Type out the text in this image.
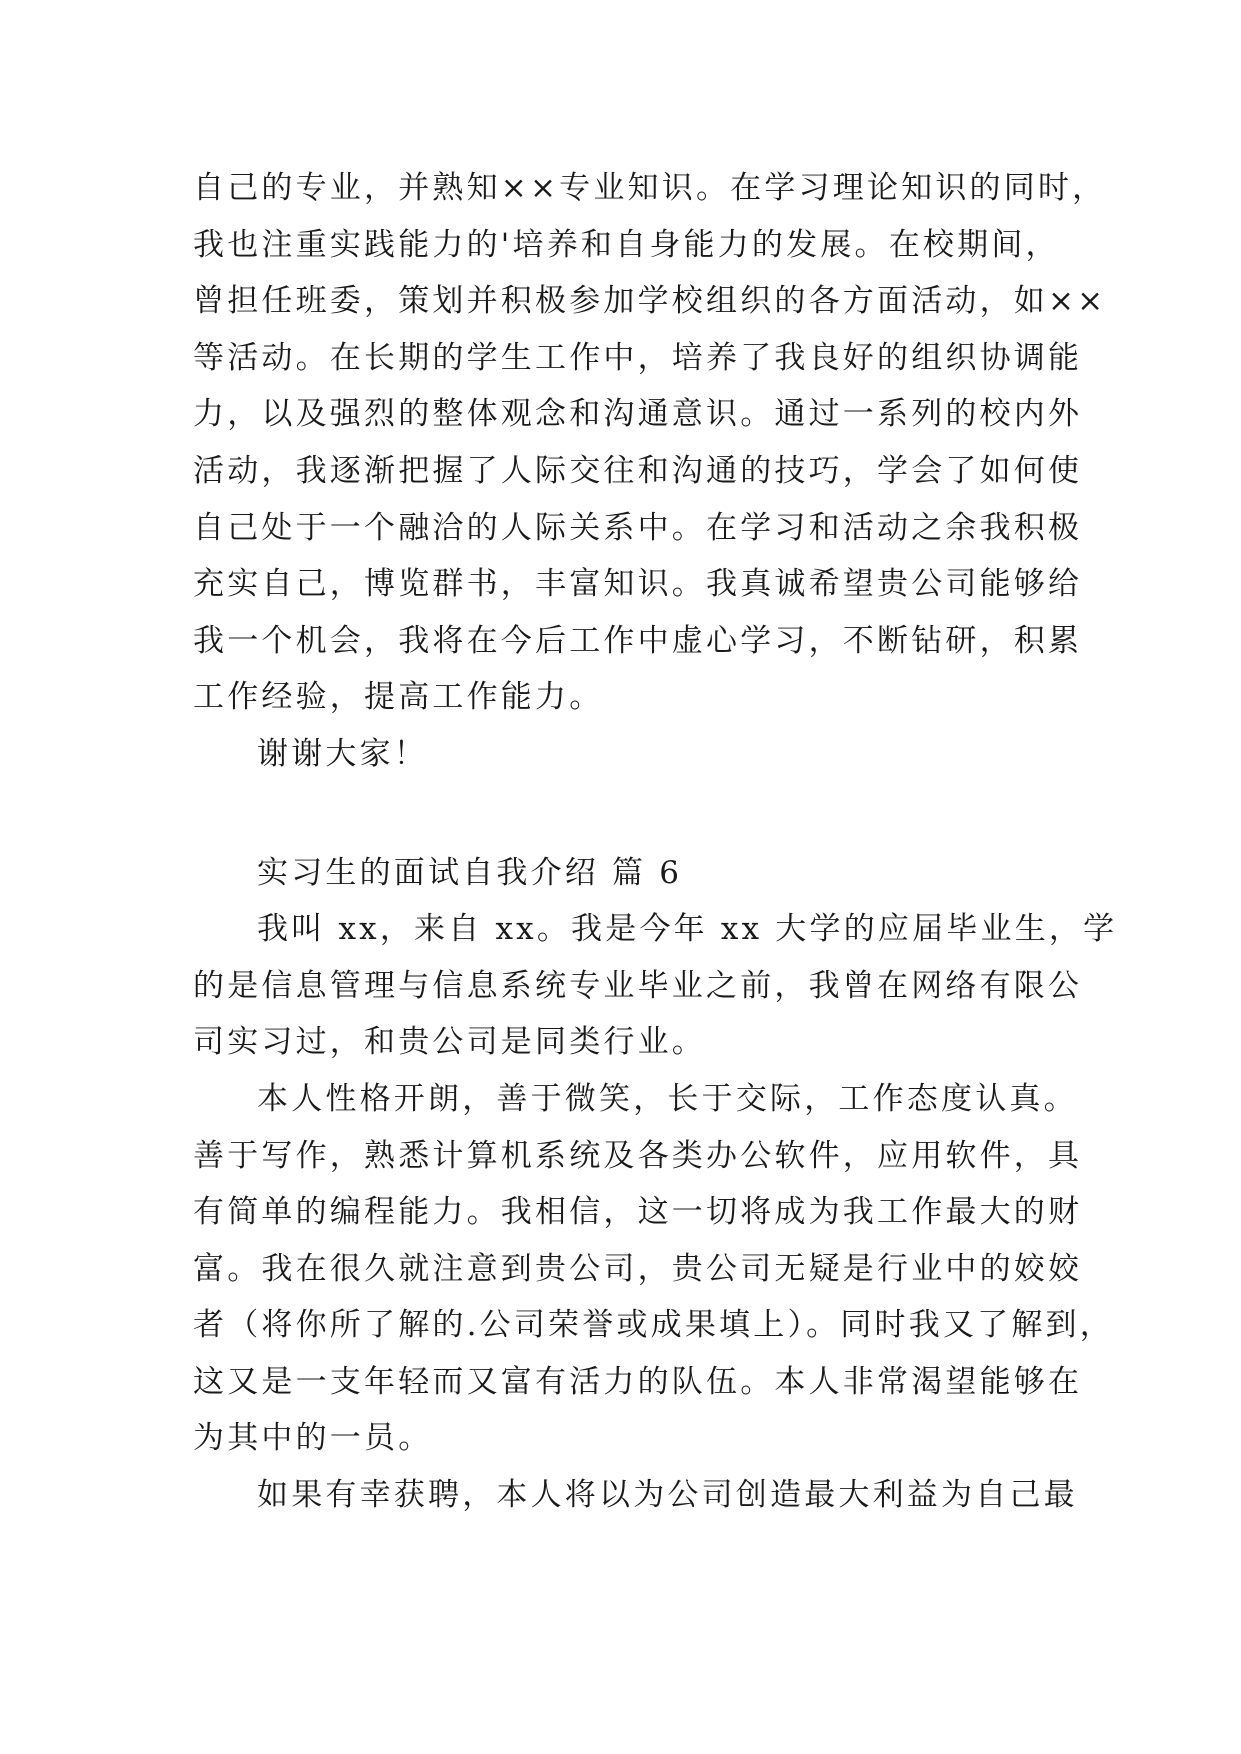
自己的专业，并熟知××专业知识。在学习理论知识的同时，
我也注重实践能力的'培养和自身能力的发展。在校期间，
曾担任班委，策划并积极参加学校组织的各方面活动，如××
等活动。在长期的学生工作中，培养了我良好的组织协调能
力，以及强烈的整体观念和沟通意识。通过一系列的校内外
活动，我逐渐把握了人际交往和沟通的技巧，学会了如何使
自己处于一个融洽的人际关系中。在学习和活动之余我积极
充实自己，博览群书，丰富知识。我真诚希望贵公司能够给
我一个机会，我将在今后工作中虚心学习，不断钻研，积累
工作经验，提高工作能力。
谢谢大家！
实习生的面试自我介绍 篇 6
我叫 xx，来自 xx。我是今年 xx 大学的应届毕业生，学
的是信息管理与信息系统专业毕业之前，我曾在网络有限公
司实习过，和贵公司是同类行业。
本人性格开朗，善于微笑，长于交际，工作态度认真。
善于写作，熟悉计算机系统及各类办公软件，应用软件，具
有简单的编程能力。我相信，这一切将成为我工作最大的财
富。我在很久就注意到贵公司，贵公司无疑是行业中的姣姣
者（将你所了解的.公司荣誉或成果填上）。同时我又了解到，
这又是一支年轻而又富有活力的队伍。本人非常渴望能够在
为其中的一员。
如果有幸获聘，本人将以为公司创造最大利益为自己最
